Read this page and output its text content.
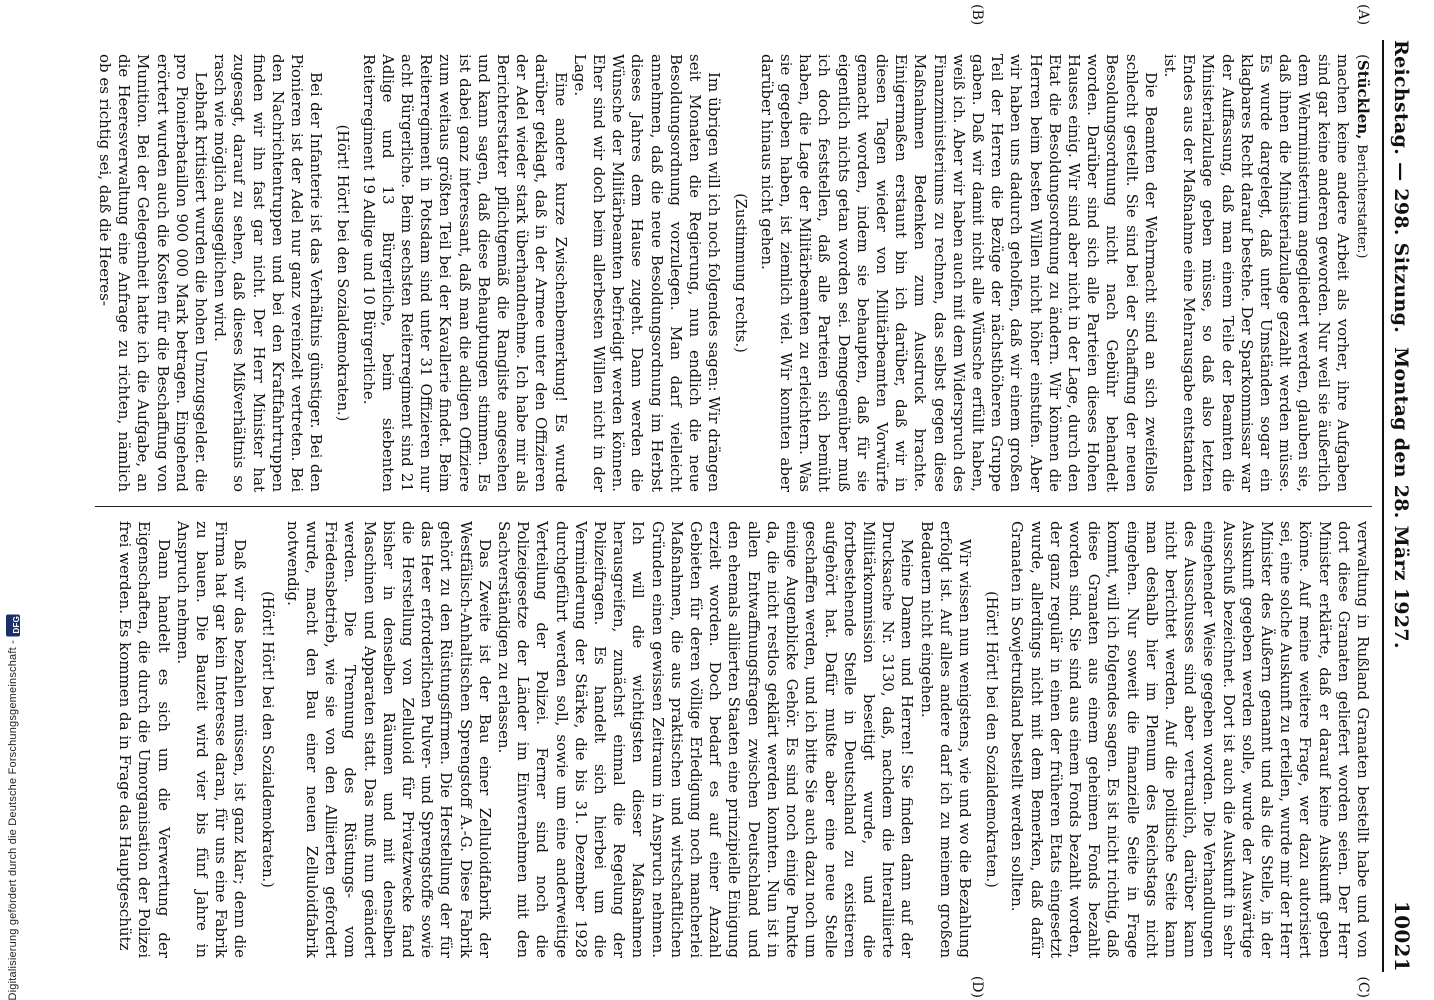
Digitalisierung gefördert durch die Deutsche Forschungsgemeinschaft -
DFG
Reichstag. — 298. Sitzung.
Montag den 28. März 1927.
10021
(A)
(B)

(Stücklen, Berichterstatter.)

machen keine andere Arbeit als vorher, ihre Aufgaben sind gar keine anderen geworden. Nur weil sie äußerlich dem Wehrministerium angegliedert werden, glauben sie, daß ihnen die Ministerialzulage gezahlt werden müsse. Es wurde dargelegt, daß unter Umständen sogar ein klagbares Recht darauf bestehe. Der Sparkommissar war der Auffassung, daß man einem Teile der Beamten die Ministerialzulage geben müsse, so daß also letzten Endes aus der Maßnahme eine Mehrausgabe entstanden ist.

Die Beamten der Wehrmacht sind an sich zweifellos schlecht gestellt. Sie sind bei der Schaffung der neuen Besoldungsordnung nicht nach Gebühr behandelt worden. Darüber sind sich alle Parteien dieses Hohen Hauses einig. Wir sind aber nicht in der Lage, durch den Etat die Besoldungsordnung zu ändern. Wir können die Herren beim besten Willen nicht höher einstufen. Aber wir haben uns dadurch geholfen, daß wir einem großen Teil der Herren die Bezüge der nächsthöheren Gruppe gaben. Daß wir damit nicht alle Wünsche erfüllt haben, weiß ich. Aber wir haben auch mit dem Widerspruch des Finanzministeriums zu rechnen, das selbst gegen diese Maßnahmen Bedenken zum Ausdruck brachte. Einigermaßen erstaunt bin ich darüber, daß wir in diesen Tagen wieder von Militärbeamten Vorwürfe gemacht worden, indem sie behaupten, daß für sie eigentlich nichts getan worden sei. Demgegenüber muß ich doch feststellen, daß alle Parteien sich bemüht haben, die Lage der Militärbeamten zu erleichtern. Was sie gegeben haben, ist ziemlich viel. Wir konnten aber darüber hinaus nicht gehen.

(Zustimmung rechts.)

Im übrigen will ich noch folgendes sagen: Wir drängen seit Monaten die Regierung, nun endlich die neue Besoldungsordnung vorzulegen. Man darf vielleicht annehmen, daß die neue Besoldungsordnung im Herbst dieses Jahres dem Hause zugeht. Dann werden die Wünsche der Militärbeamten befriedigt werden können. Eher sind wir doch beim allerbesten Willen nicht in der Lage.

Eine andere kurze Zwischenbemerkung! Es wurde darüber geklagt, daß in der Armee unter den Offizieren der Adel wieder stark überhandnehme. Ich habe mir als Berichterstatter pflichtgemäß die Rangliste angesehen und kann sagen, daß diese Behauptungen stimmen. Es ist dabei ganz interessant, daß man die adligen Offiziere zum weitaus größten Teil bei der Kavallerie findet. Beim Reiterregiment in Potsdam sind unter 31 Offizieren nur acht Bürgerliche. Beim sechsten Reiterregiment sind 21 Adlige und 13 Bürgerliche, beim siebenten Reiterregiment 19 Adlige und 10 Bürgerliche.

(Hört! Hört! bei den Sozialdemokraten.)

Bei der Infanterie ist das Verhältnis günstiger. Bei den Pionieren ist der Adel nur ganz vereinzelt vertreten. Bei den Nachrichtentruppen und bei den Kraftfahrtruppen finden wir ihn fast gar nicht. Der Herr Minister hat zugesagt, darauf zu sehen, daß dieses Mißverhältnis so rasch wie möglich ausgeglichen wird.

Lebhaft kritisiert wurden die hohen Umzugsgelder. die pro Pionierbataillon 900 000 Mark betragen. Eingehend erörtert wurden auch die Kosten für die Beschaffung von Munition. Bei der Gelegenheit hatte ich die Aufgabe, an die Heeresverwaltung eine Anfrage zu richten, nämlich ob es richtig sei, daß die Heeres-

(C)
(D)

verwaltung in Rußland Granaten bestellt habe und von dort diese Granaten geliefert worden seien. Der Herr Minister erklärte, daß er darauf keine Auskunft geben könne. Auf meine weitere Frage, wer dazu autorisiert sei, eine solche Auskunft zu erteilen, wurde mir der Herr Minister des Äußern genannt und als die Stelle, in der Auskunft gegeben werden solle, wurde der Auswärtige Ausschuß bezeichnet. Dort ist auch die Auskunft in sehr eingehender Weise gegeben worden. Die Verhandlungen des Ausschusses sind aber vertraulich, darüber kann nicht berichtet werden. Auf die politische Seite kann man deshalb hier im Plenum des Reichstags nicht eingehen. Nur soweit die finanzielle Seite in Frage kommt, will ich folgendes sagen. Es ist nicht richtig, daß diese Granaten aus einem geheimen Fonds bezahlt worden sind. Sie sind aus einem Fonds bezahlt worden, der ganz regulär in einen der früheren Etats eingesetzt wurde, allerdings nicht mit dem Bemerken, daß dafür Granaten in Sowjetrußland bestellt werden sollten.

(Hört! Hört! bei den Sozialdemokraten.)

Wir wissen nun wenigstens, wie und wo die Bezahlung erfolgt ist. Auf alles andere darf ich zu meinem großen Bedauern nicht eingehen.

Meine Damen und Herren! Sie finden dann auf der Drucksache Nr. 3130, daß, nachdem die Interalliierte Militärkommission beseitigt wurde, und die fortbestehende Stelle in Deutschland zu existieren aufgehört hat. Dafür mußte aber eine neue Stelle geschaffen werden, und ich bitte Sie auch dazu noch um einige Augenblicke Gehör. Es sind noch einige Punkte da, die nicht restlos geklärt werden konnten. Nun ist in allen Entwaffnungsfragen zwischen Deutschland und den ehemals alliierten Staaten eine prinzipielle Einigung erzielt worden. Doch bedarf es auf einer Anzahl Gebieten für deren völlige Erledigung noch mancherlei Maßnahmen, die aus praktischen und wirtschaftlichen Gründen einen gewissen Zeitraum in Anspruch nehmen. Ich will die wichtigsten dieser Maßnahmen herausgreifen, zunächst einmal die Regelung der Polizeifragen. Es handelt sich hierbei um die Verminderung der Stärke, die bis 31. Dezember 1928 durchgeführt werden soll, sowie um eine anderweitige Verteilung der Polizei. Ferner sind noch die Polizeigesetze der Länder im Einvernehmen mit den Sachverständigen zu erlassen.

Das Zweite ist der Bau einer Zelluloidfabrik der Westfälisch-Anhaltischen Sprengstoff A.-G. Diese Fabrik gehört zu den Rüstungsfirmen. Die Herstellung der für das Heer erforderlichen Pulver- und Sprengstoffe sowie die Herstellung von Zelluloid für Privatzwecke fand bisher in denselben Räumen und mit denselben Maschinen und Apparaten statt. Das muß nun geändert werden. Die Trennung des Rüstungs- vom Friedensbetrieb, wie sie von den Alliierten gefordert wurde, macht den Bau einer neuen Zelluloidfabrik notwendig.

(Hört! Hört! bei den Sozialdemokraten.)

Daß wir das bezahlen müssen, ist ganz klar; denn die Firma hat gar kein Interesse daran, für uns eine Fabrik zu bauen. Die Bauzeit wird vier bis fünf Jahre in Anspruch nehmen.

Dann handelt es sich um die Verwertung der Eigenschaften, die durch die Umorganisation der Polizei frei werden. Es kommen da in Frage das Hauptgeschütz
